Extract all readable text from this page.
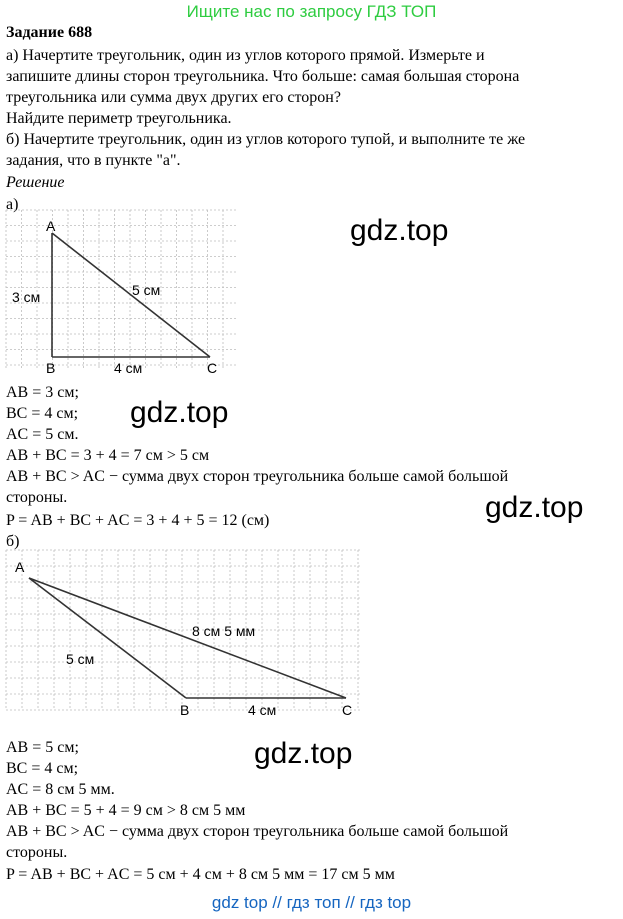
Ищите нас по запросу ГДЗ ТОП
Задание 688
а) Начертите треугольник, один из углов которого прямой. Измерьте и
запишите длины сторон треугольника. Что больше: самая большая сторона
треугольника или сумма двух других его сторон?
Найдите периметр треугольника.
б) Начертите треугольник, один из углов которого тупой, и выполните те же
задания, что в пункте "а".
Решение
а)
A
B	C
3 см
4 см
5 см
gdz.top
gdz.top
gdz.top
AB = 3 см;
BC = 4 см;
AC = 5 см.
AB + BC = 3 + 4 = 7 см > 5 см
AB + BC > AC − сумма двух сторон треугольника больше самой большой
стороны.
P = AB + BC + AC = 3 + 4 + 5 = 12 (см)
б)
A
B	C
5 см
4 см
8 см 5 мм
gdz.top
AB = 5 см;
BC = 4 см;
AC = 8 см 5 мм.
AB + BC = 5 + 4 = 9 см > 8 см 5 мм
AB + BC > AC − сумма двух сторон треугольника больше самой большой
стороны.
P = AB + BC + AC = 5 см + 4 см + 8 см 5 мм = 17 см 5 мм
gdz top // гдз топ // гдз top
